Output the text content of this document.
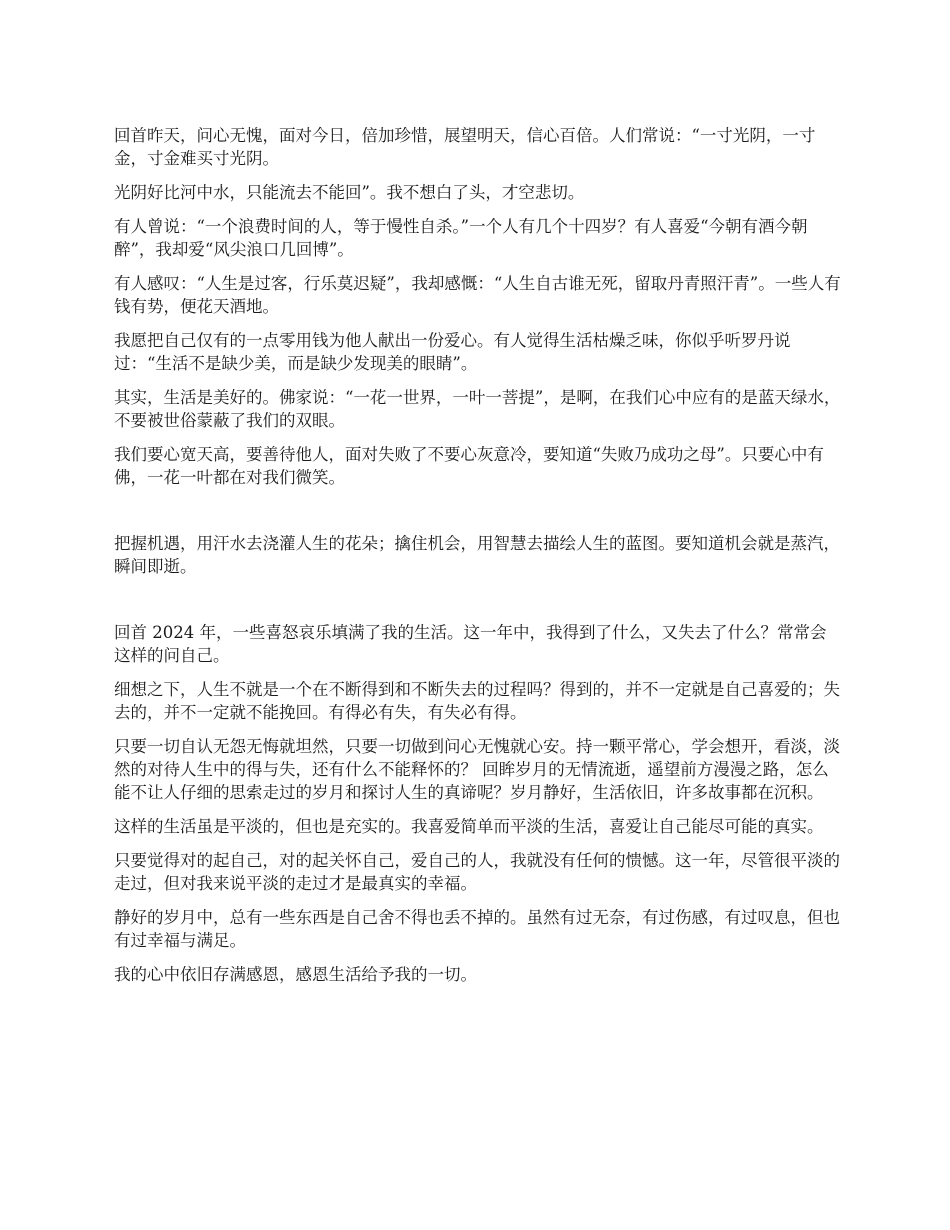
回首昨天，问心无愧，面对今日，倍加珍惜，展望明天，信心百倍。人们常说：“一寸光阴，一寸金，寸金难买寸光阴。

光阴好比河中水，只能流去不能回”。我不想白了头，才空悲切。

有人曾说：“一个浪费时间的人，等于慢性自杀。”一个人有几个十四岁？有人喜爱“今朝有酒今朝醉”，我却爱“风尖浪口几回博”。

有人感叹：“人生是过客，行乐莫迟疑”，我却感慨：“人生自古谁无死，留取丹青照汗青”。一些人有钱有势，便花天酒地。

我愿把自己仅有的一点零用钱为他人献出一份爱心。有人觉得生活枯燥乏味，你似乎听罗丹说过：“生活不是缺少美，而是缺少发现美的眼睛”。

其实，生活是美好的。佛家说：“一花一世界，一叶一菩提”，是啊，在我们心中应有的是蓝天绿水，不要被世俗蒙蔽了我们的双眼。

我们要心宽天高，要善待他人，面对失败了不要心灰意冷，要知道“失败乃成功之母”。只要心中有佛，一花一叶都在对我们微笑。

把握机遇，用汗水去浇灌人生的花朵；擒住机会，用智慧去描绘人生的蓝图。要知道机会就是蒸汽，瞬间即逝。

回首 2024 年，一些喜怒哀乐填满了我的生活。这一年中，我得到了什么，又失去了什么？常常会这样的问自己。

细想之下，人生不就是一个在不断得到和不断失去的过程吗？得到的，并不一定就是自己喜爱的；失去的，并不一定就不能挽回。有得必有失，有失必有得。

只要一切自认无怨无悔就坦然，只要一切做到问心无愧就心安。持一颗平常心，学会想开，看淡，淡然的对待人生中的得与失，还有什么不能释怀的？ 回眸岁月的无情流逝，遥望前方漫漫之路，怎么能不让人仔细的思索走过的岁月和探讨人生的真谛呢？岁月静好，生活依旧，许多故事都在沉积。

这样的生活虽是平淡的，但也是充实的。我喜爱简单而平淡的生活，喜爱让自己能尽可能的真实。

只要觉得对的起自己，对的起关怀自己，爱自己的人，我就没有任何的愦憾。这一年，尽管很平淡的走过，但对我来说平淡的走过才是最真实的幸福。

静好的岁月中，总有一些东西是自己舍不得也丢不掉的。虽然有过无奈，有过伤感，有过叹息，但也有过幸福与满足。

我的心中依旧存满感恩，感恩生活给予我的一切。
